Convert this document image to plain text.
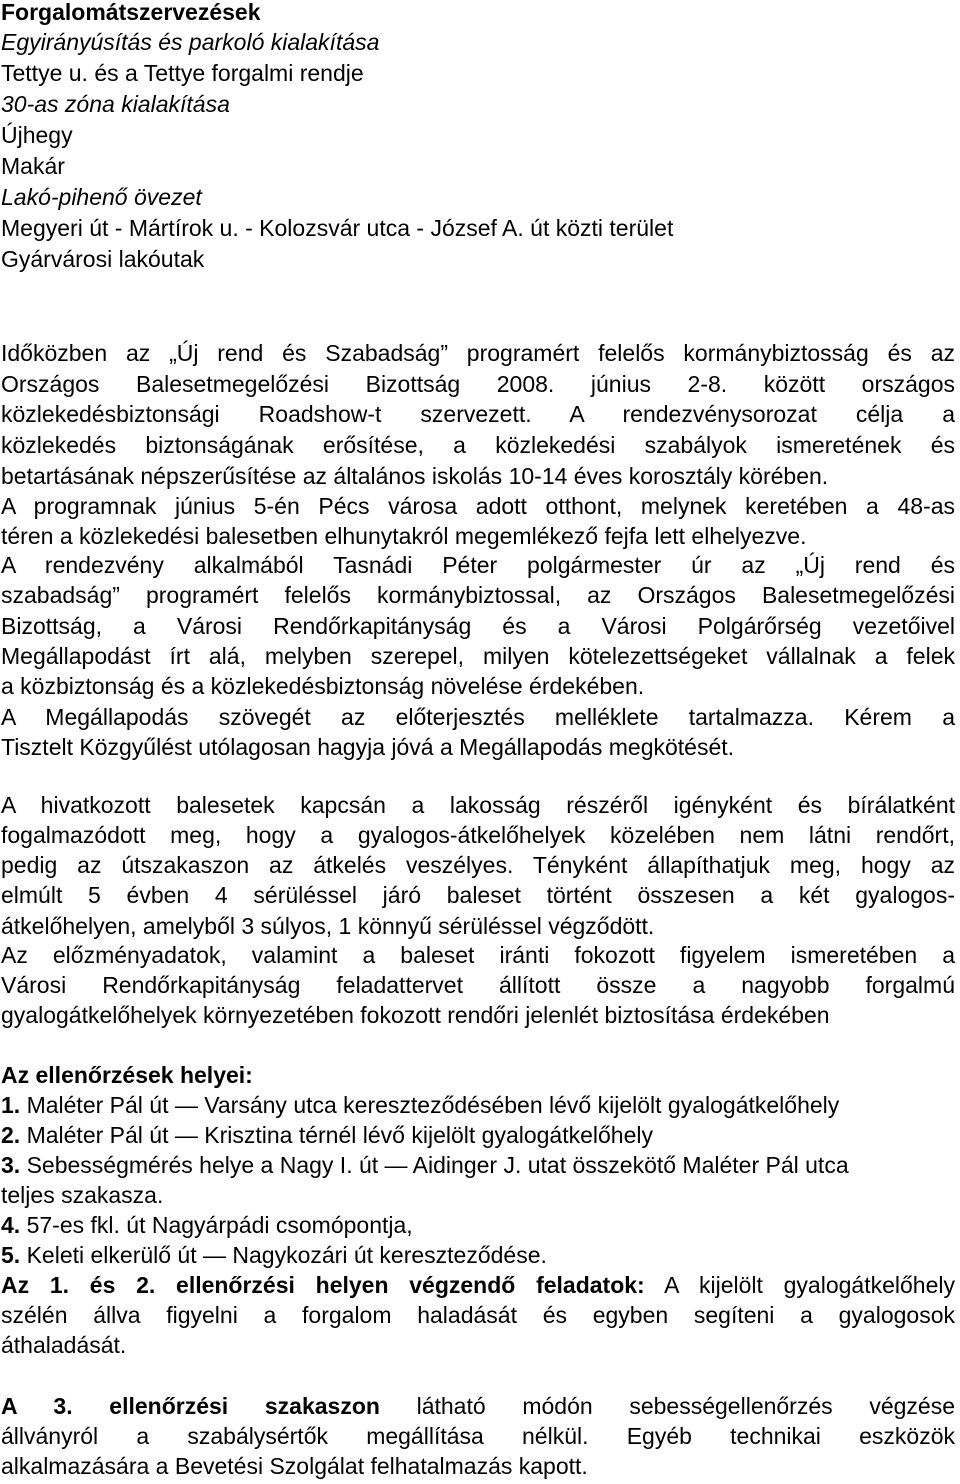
Forgalomátszervezések
Egyirányúsítás és parkoló kialakítása
Tettye u. és a Tettye forgalmi rendje
30-as zóna kialakítása
Újhegy
Makár
Lakó-pihenő övezet
Megyeri út - Mártírok u. - Kolozsvár utca - József A. út közti terület
Gyárvárosi lakóutak
Időközben az „Új rend és Szabadság” programért felelős kormánybiztosság és az
Országos Balesetmegelőzési Bizottság 2008. június 2-8. között országos
közlekedésbiztonsági Roadshow-t szervezett. A rendezvénysorozat célja a
közlekedés biztonságának erősítése, a közlekedési szabályok ismeretének és
betartásának népszerűsítése az általános iskolás 10-14 éves korosztály körében.
A programnak június 5-én Pécs városa adott otthont, melynek keretében a 48-as
téren a közlekedési balesetben elhunytakról megemlékező fejfa lett elhelyezve.
A rendezvény alkalmából Tasnádi Péter polgármester úr az „Új rend és
szabadság” programért felelős kormánybiztossal, az Országos Balesetmegelőzési
Bizottság, a Városi Rendőrkapitányság és a Városi Polgárőrség vezetőivel
Megállapodást írt alá, melyben szerepel, milyen kötelezettségeket vállalnak a felek
a közbiztonság és a közlekedésbiztonság növelése érdekében.
A Megállapodás szövegét az előterjesztés melléklete tartalmazza. Kérem a
Tisztelt Közgyűlést utólagosan hagyja jóvá a Megállapodás megkötését.
A hivatkozott balesetek kapcsán a lakosság részéről igényként és bírálatként
fogalmazódott meg, hogy a gyalogos-átkelőhelyek közelében nem látni rendőrt,
pedig az útszakaszon az átkelés veszélyes. Tényként állapíthatjuk meg, hogy az
elmúlt 5 évben 4 sérüléssel járó baleset történt összesen a két gyalogos-
átkelőhelyen, amelyből 3 súlyos, 1 könnyű sérüléssel végződött.
Az előzményadatok, valamint a baleset iránti fokozott figyelem ismeretében a
Városi Rendőrkapitányság feladattervet állított össze a nagyobb forgalmú
gyalogátkelőhelyek környezetében fokozott rendőri jelenlét biztosítása érdekében
Az ellenőrzések helyei:
1. Maléter Pál út ― Varsány utca kereszteződésében lévő kijelölt gyalogátkelőhely
2. Maléter Pál út ― Krisztina térnél lévő kijelölt gyalogátkelőhely
3. Sebességmérés helye a Nagy I. út ― Aidinger J. utat összekötő Maléter Pál utca
teljes szakasza.
4. 57-es fkl. út Nagyárpádi csomópontja,
5. Keleti elkerülő út ― Nagykozári út kereszteződése.
Az 1. és 2. ellenőrzési helyen végzendő feladatok: A kijelölt gyalogátkelőhely
szélén állva figyelni a forgalom haladását és egyben segíteni a gyalogosok
áthaladását.
A 3. ellenőrzési szakaszon látható módón sebességellenőrzés végzése
állványról a szabálysértők megállítása nélkül. Egyéb technikai eszközök
alkalmazására a Bevetési Szolgálat felhatalmazás kapott.
